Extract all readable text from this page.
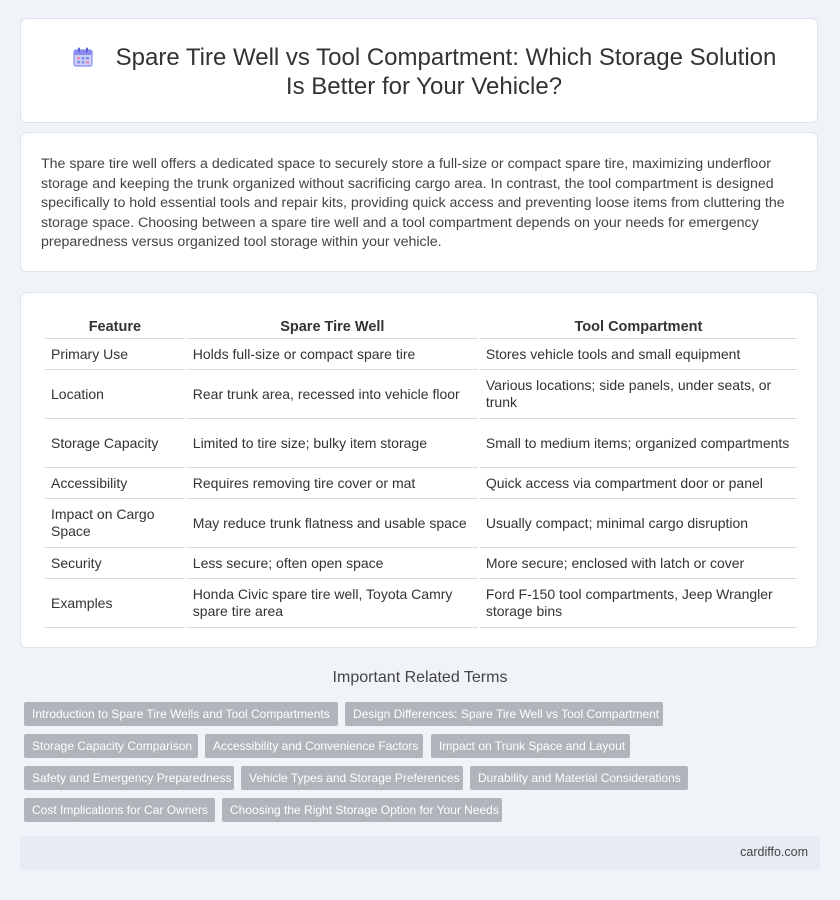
Spare Tire Well vs Tool Compartment: Which Storage Solution Is Better for Your Vehicle?
The spare tire well offers a dedicated space to securely store a full-size or compact spare tire, maximizing underfloor storage and keeping the trunk organized without sacrificing cargo area. In contrast, the tool compartment is designed specifically to hold essential tools and repair kits, providing quick access and preventing loose items from cluttering the storage space. Choosing between a spare tire well and a tool compartment depends on your needs for emergency preparedness versus organized tool storage within your vehicle.
Feature	Spare Tire Well	Tool Compartment
Primary Use	Holds full-size or compact spare tire	Stores vehicle tools and small equipment
Location	Rear trunk area, recessed into vehicle floor	Various locations; side panels, under seats, or trunk
Storage Capacity	Limited to tire size; bulky item storage	Small to medium items; organized compartments
Accessibility	Requires removing tire cover or mat	Quick access via compartment door or panel
Impact on Cargo Space	May reduce trunk flatness and usable space	Usually compact; minimal cargo disruption
Security	Less secure; often open space	More secure; enclosed with latch or cover
Examples	Honda Civic spare tire well, Toyota Camry spare tire area	Ford F-150 tool compartments, Jeep Wrangler storage bins
Important Related Terms
Introduction to Spare Tire Wells and Tool Compartments	Design Differences: Spare Tire Well vs Tool Compartment
Storage Capacity Comparison	Accessibility and Convenience Factors	Impact on Trunk Space and Layout
Safety and Emergency Preparedness	Vehicle Types and Storage Preferences	Durability and Material Considerations
Cost Implications for Car Owners	Choosing the Right Storage Option for Your Needs
cardiffo.com
